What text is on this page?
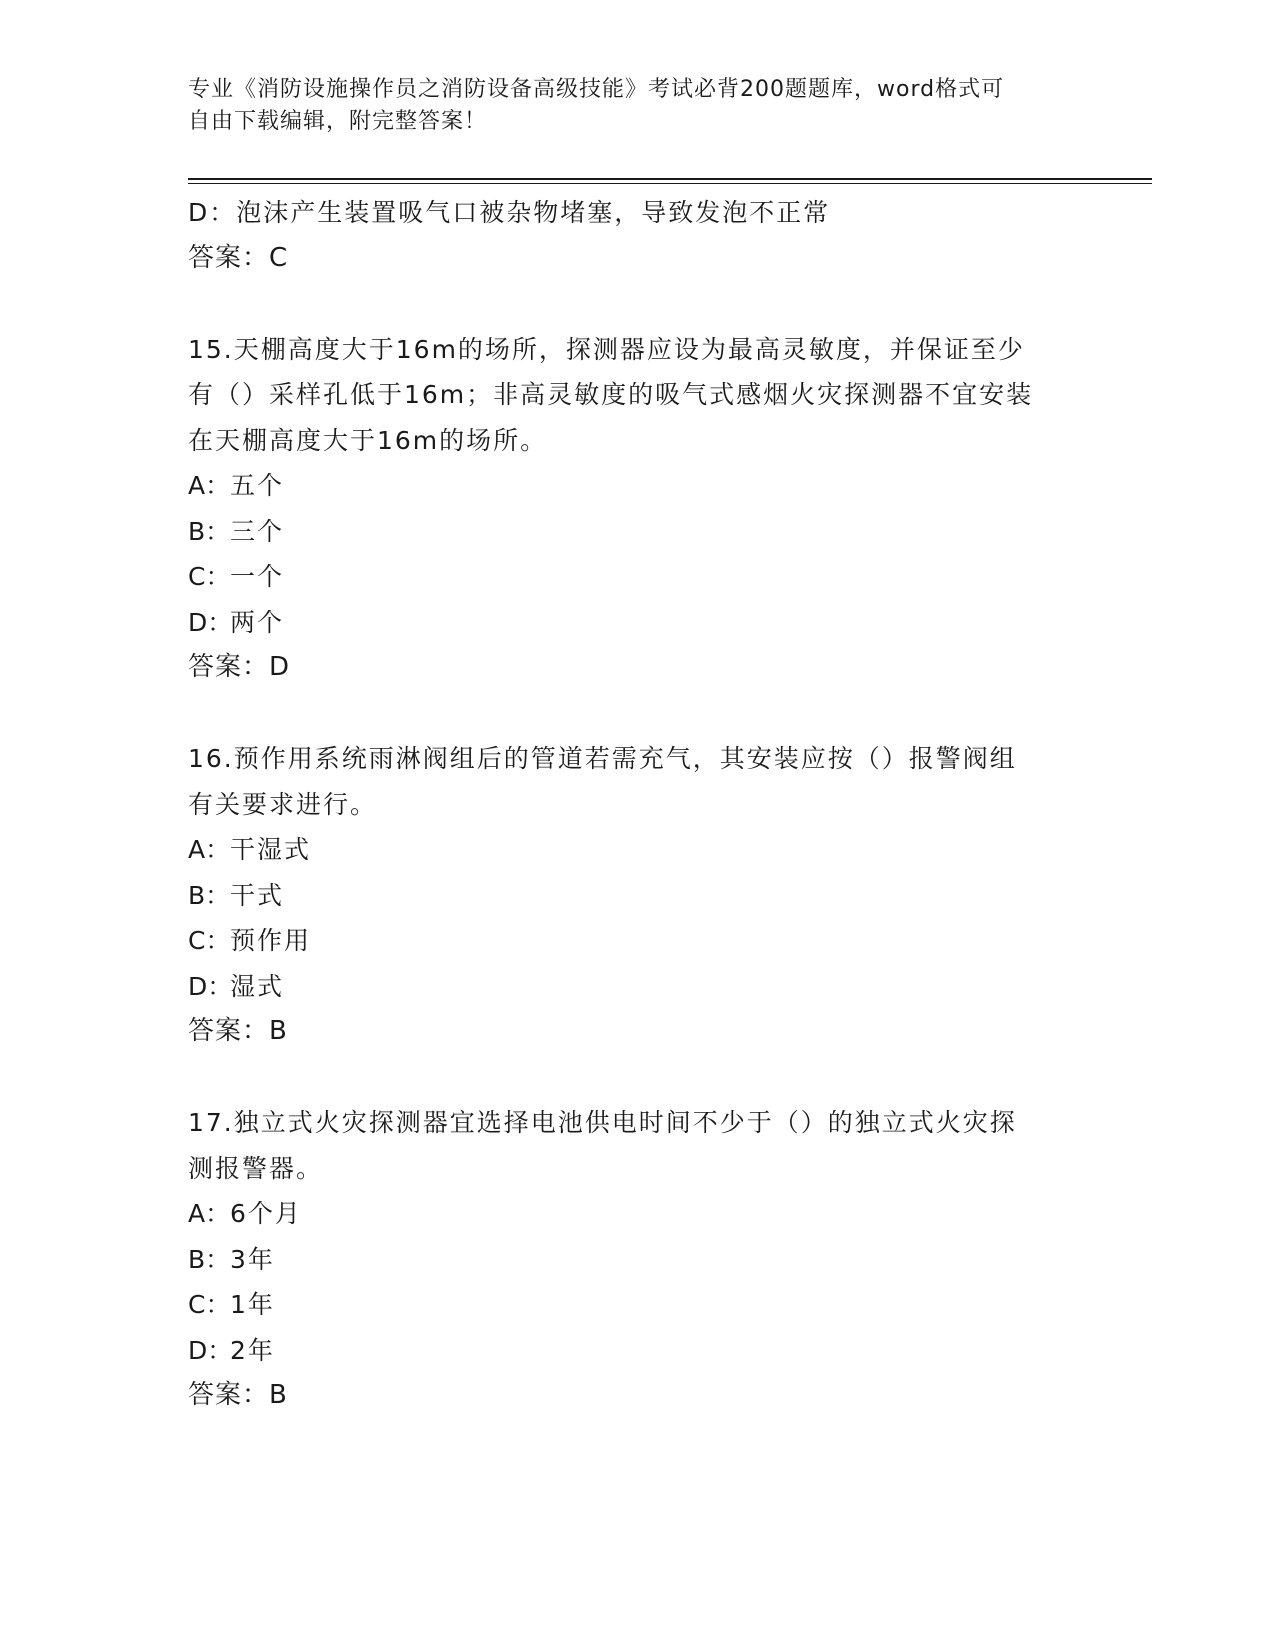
专业《消防设施操作员之消防设备高级技能》考试必背200题题库，word格式可
自由下载编辑，附完整答案！
D：泡沫产生装置吸气口被杂物堵塞，导致发泡不正常
答案：C
15.天棚高度大于16m的场所，探测器应设为最高灵敏度，并保证至少
有（）采样孔低于16m；非高灵敏度的吸气式感烟火灾探测器不宜安装
在天棚高度大于16m的场所。
A：五个
B：三个
C：一个
D：两个
答案：D
16.预作用系统雨淋阀组后的管道若需充气，其安装应按（）报警阀组
有关要求进行。
A：干湿式
B：干式
C：预作用
D：湿式
答案：B
17.独立式火灾探测器宜选择电池供电时间不少于（）的独立式火灾探
测报警器。
A：6个月
B：3年
C：1年
D：2年
答案：B
